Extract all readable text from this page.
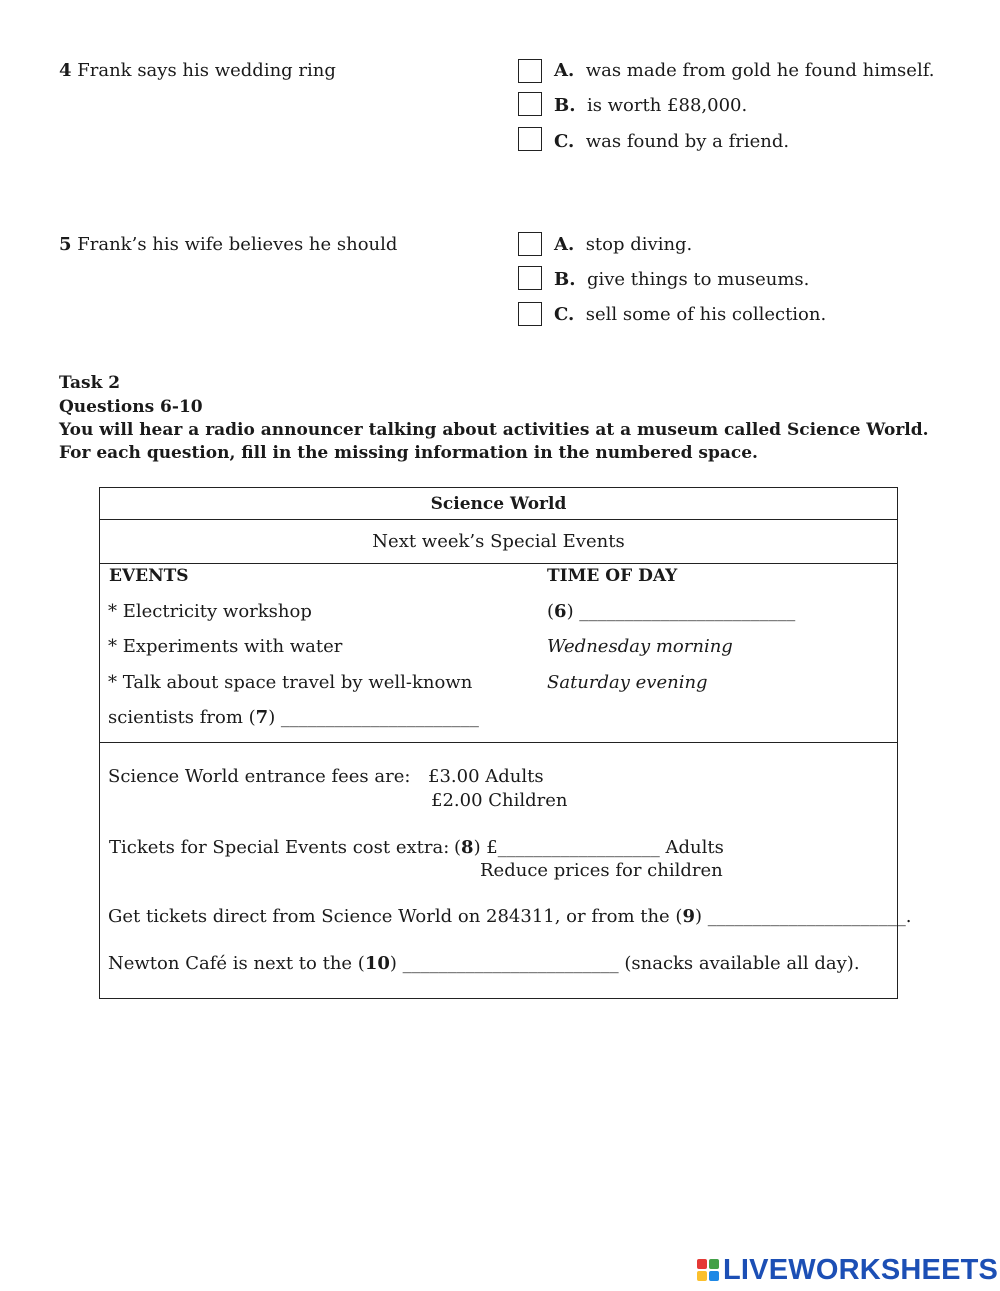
4 Frank says his wedding ring	A. was made from gold he found himself.
B. is worth £88,000.
C. was found by a friend.
5 Frank’s his wife believes he should	A. stop diving.
B. give things to museums.
C. sell some of his collection.
Task 2
Questions 6-10
You will hear a radio announcer talking about activities at a museum called Science World.
For each question, fill in the missing information in the numbered space.
Science World
Next week’s Special Events
EVENTS	TIME OF DAY
* Electricity workshop	(6) ________________________
* Experiments with water	Wednesday morning
* Talk about space travel by well-known	Saturday evening
scientists from (7) ______________________
Science World entrance fees are: £3.00 Adults
£2.00 Children
Tickets for Special Events cost extra: (8) £__________________ Adults
Reduce prices for children
Get tickets direct from Science World on 284311, or from the (9) ______________________.
Newton Café is next to the (10) ________________________ (snacks available all day).
LIVEWORKSHEETS
